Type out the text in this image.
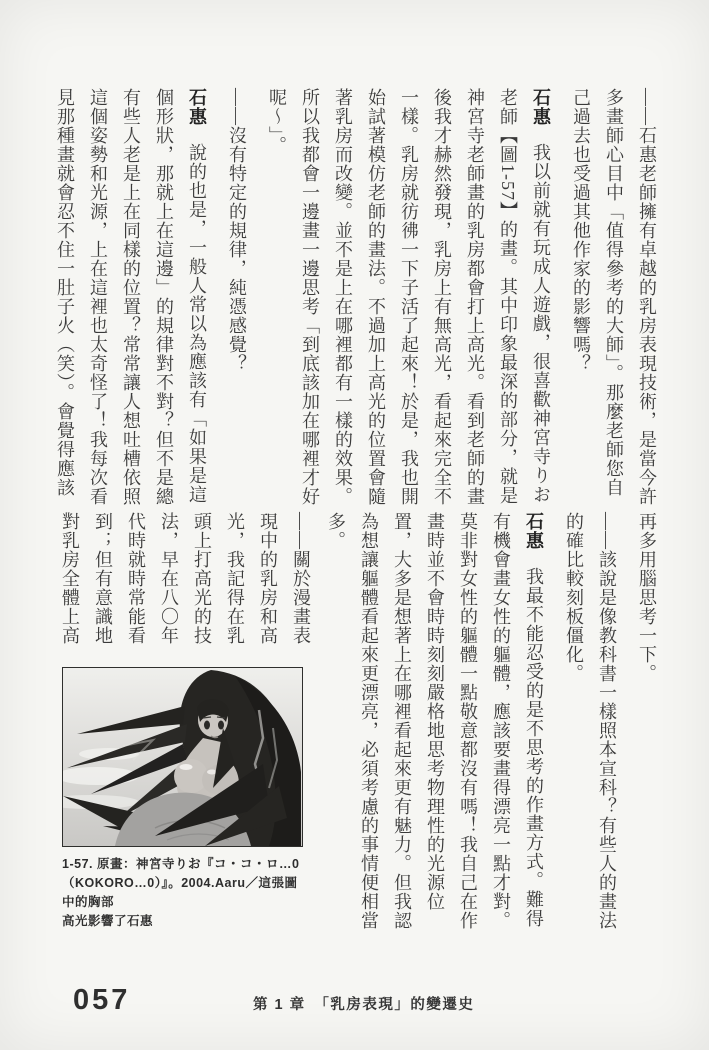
——石惠老師擁有卓越的乳房表現技術，是當今許多畫師心目中「值得參考的大師」。那麼老師您自己過去也受過其他作家的影響嗎？

石惠我以前就有玩成人遊戲，很喜歡神宮寺りお老師【圖1-57】的畫。其中印象最深的部分，就是神宮寺老師畫的乳房都會打上高光。看到老師的畫後我才赫然發現，乳房上有無高光，看起來完全不一樣。乳房就彷彿一下子活了起來！於是，我也開始試著模仿老師的畫法。不過加上高光的位置會隨著乳房而改變。並不是上在哪裡都有一樣的效果。所以我都會一邊畫一邊思考「到底該加在哪裡才好呢～」。

——沒有特定的規律，純憑感覺？

石惠說的也是，一般人常以為應該有「如果是這個形狀，那就上在這邊」的規律對不對？但不是總有些人老是上在同樣的位置？常常讓人想吐槽依照這個姿勢和光源，上在這裡也太奇怪了！我每次看見那種畫就會忍不住一肚子火（笑）。會覺得應該

再多用腦思考一下。

——該說是像教科書一樣照本宣科？有些人的畫法的確比較刻板僵化。

石惠我最不能忍受的是不思考的作畫方式。難得有機會畫女性的軀體，應該要畫得漂亮一點才對。莫非對女性的軀體一點敬意都沒有嗎！我自己在作畫時並不會時時刻刻嚴格地思考物理性的光源位置，大多是想著上在哪裡看起來更有魅力。但我認為想讓軀體看起來更漂亮，必須考慮的事情便相當多。

——關於漫畫表現中的乳房和高光，我記得在乳頭上打高光的技法，早在八〇年代時就時常能看到；但有意識地對乳房全體上高

1-57. 原畫：神宮寺りお『コ・コ・ロ…0
（KOKORO…0）』。2004.Aaru／這張圖中的胸部
高光影響了石惠
057	第 1 章　「乳房表現」的變遷史
